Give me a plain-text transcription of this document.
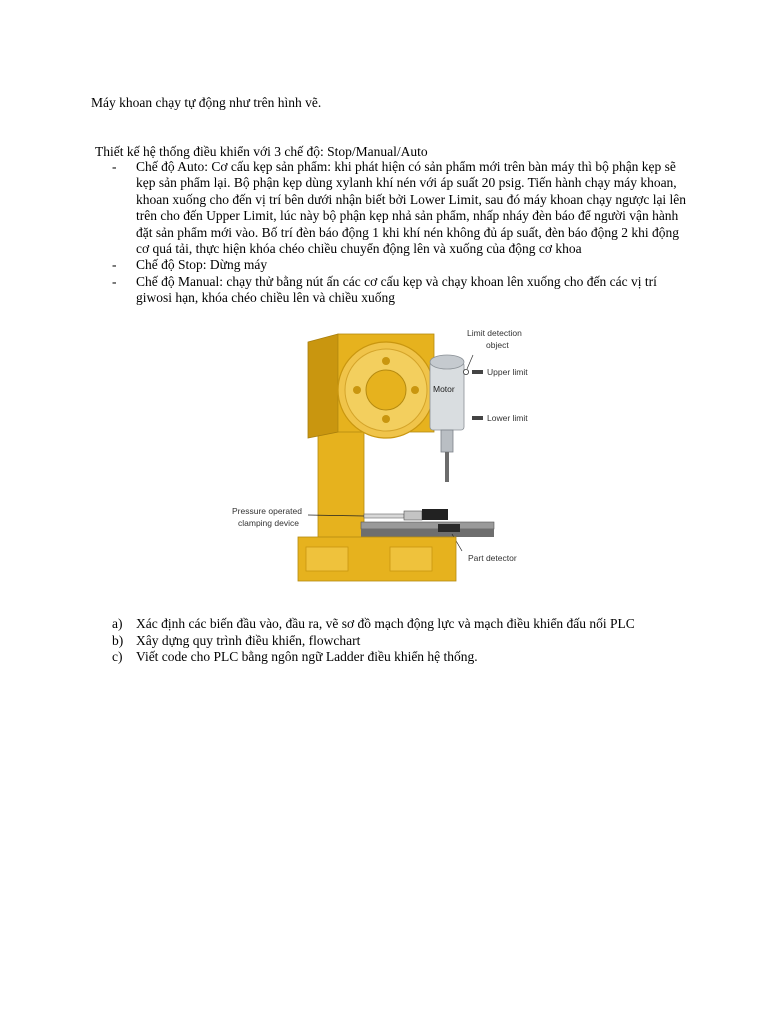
Máy khoan chạy tự động như trên hình vẽ.
Thiết kế hệ thống điều khiển với 3 chế độ: Stop/Manual/Auto
- Chế độ Auto: Cơ cấu kẹp sản phẩm: khi phát hiện có sản phẩm mới trên bàn máy thì bộ phận kẹp sẽ kẹp sản phẩm lại. Bộ phận kẹp dùng xylanh khí nén với áp suất 20 psig. Tiến hành chạy máy khoan, khoan xuống cho đến vị trí bên dưới nhận biết bởi Lower Limit, sau đó máy khoan chạy ngược lại lên trên cho đến Upper Limit, lúc này bộ phận kẹp nhả sản phẩm, nhấp nháy đèn báo để người vận hành đặt sản phẩm mới vào. Bố trí đèn báo động 1 khi khí nén không đủ áp suất, đèn báo động 2 khi động cơ quá tải, thực hiện khóa chéo chiều chuyển động lên và xuống của động cơ khoa
- Chế độ Stop: Dừng máy
- Chế độ Manual: chạy thử bằng nút ấn các cơ cấu kẹp và chạy khoan lên xuống cho đến các vị trí giwosi hạn, khóa chéo chiều lên và chiều xuống
Motor
Limit detection
object
Upper limit
Lower limit
Pressure operated
clamping device
Part detector
a) Xác định các biến đầu vào, đầu ra, vẽ sơ đồ mạch động lực và mạch điều khiển đấu nối PLC
b) Xây dựng quy trình điều khiển, flowchart
c) Viết code cho PLC bằng ngôn ngữ Ladder điều khiển hệ thống.
